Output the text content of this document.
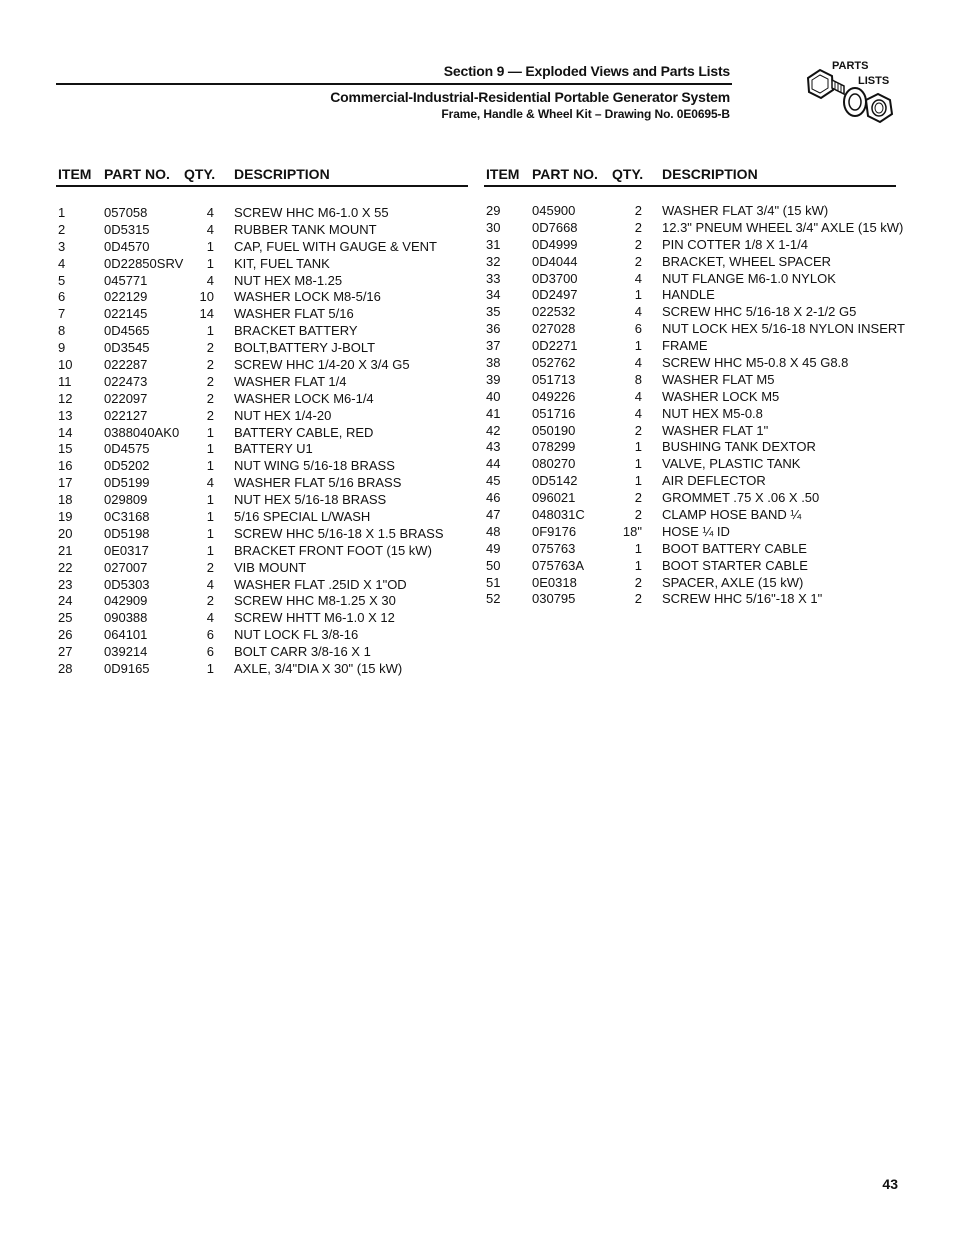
Section 9 — Exploded Views and Parts Lists
Commercial-Industrial-Residential Portable Generator System
Frame, Handle & Wheel Kit – Drawing No. 0E0695-B
PARTS
LISTS
ITEM PART NO. QTY. DESCRIPTION
1	057058	4 SCREW HHC M6-1.0 X 55
2	0D5315	4 RUBBER TANK MOUNT
3	0D4570	1 CAP, FUEL WITH GAUGE & VENT
4	0D22850SRV	1 KIT, FUEL TANK
5	045771	4 NUT HEX M8-1.25
6	022129	10 WASHER LOCK M8-5/16
7	022145	14 WASHER FLAT 5/16
8	0D4565	1 BRACKET BATTERY
9	0D3545	2 BOLT,BATTERY J-BOLT
10 022287	2 SCREW HHC 1/4-20 X 3/4 G5
11	022473	2 WASHER FLAT 1/4
12 022097	2 WASHER LOCK M6-1/4
13 022127	2 NUT HEX 1/4-20
14 0388040AK0	1 BATTERY CABLE, RED
15 0D4575	1 BATTERY U1
16 0D5202	1 NUT WING 5/16-18 BRASS
17 0D5199	4 WASHER FLAT 5/16 BRASS
18 029809	1 NUT HEX 5/16-18 BRASS
19 0C3168	1 5/16 SPECIAL L/WASH
20 0D5198	1 SCREW HHC 5/16-18 X 1.5 BRASS
21 0E0317	1 BRACKET FRONT FOOT (15 kW)
22 027007	2 VIB MOUNT
23 0D5303	4 WASHER FLAT .25ID X 1"OD
24 042909	2 SCREW HHC M8-1.25 X 30
25 090388	4 SCREW HHTT M6-1.0 X 12
26 064101	6 NUT LOCK FL 3/8-16
27 039214	6 BOLT CARR 3/8-16 X 1
28 0D9165	1 AXLE, 3/4"DIA X 30" (15 kW)
ITEM PART NO. QTY. DESCRIPTION
29 045900	2 WASHER FLAT 3/4" (15 kW)
30 0D7668	2 12.3" PNEUM WHEEL 3/4" AXLE (15 kW)
31 0D4999	2 PIN COTTER 1/8 X 1-1/4
32 0D4044	2 BRACKET, WHEEL SPACER
33 0D3700	4 NUT FLANGE M6-1.0 NYLOK
34 0D2497	1 HANDLE
35 022532	4 SCREW HHC 5/16-18 X 2-1/2 G5
36 027028	6 NUT LOCK HEX 5/16-18 NYLON INSERT
37 0D2271	1 FRAME
38 052762	4 SCREW HHC M5-0.8 X 45 G8.8
39 051713	8 WASHER FLAT M5
40 049226	4 WASHER LOCK M5
41 051716	4 NUT HEX M5-0.8
42 050190	2 WASHER FLAT 1"
43 078299	1 BUSHING TANK DEXTOR
44 080270	1 VALVE, PLASTIC TANK
45 0D5142	1 AIR DEFLECTOR
46 096021	2 GROMMET .75 X .06 X .50
47 048031C	2 CLAMP HOSE BAND ¼
48 0F9176	18" HOSE ¼ ID
49 075763	1 BOOT BATTERY CABLE
50 075763A	1 BOOT STARTER CABLE
51 0E0318	2 SPACER, AXLE (15 kW)
52 030795	2 SCREW HHC 5/16"-18 X 1"
43
